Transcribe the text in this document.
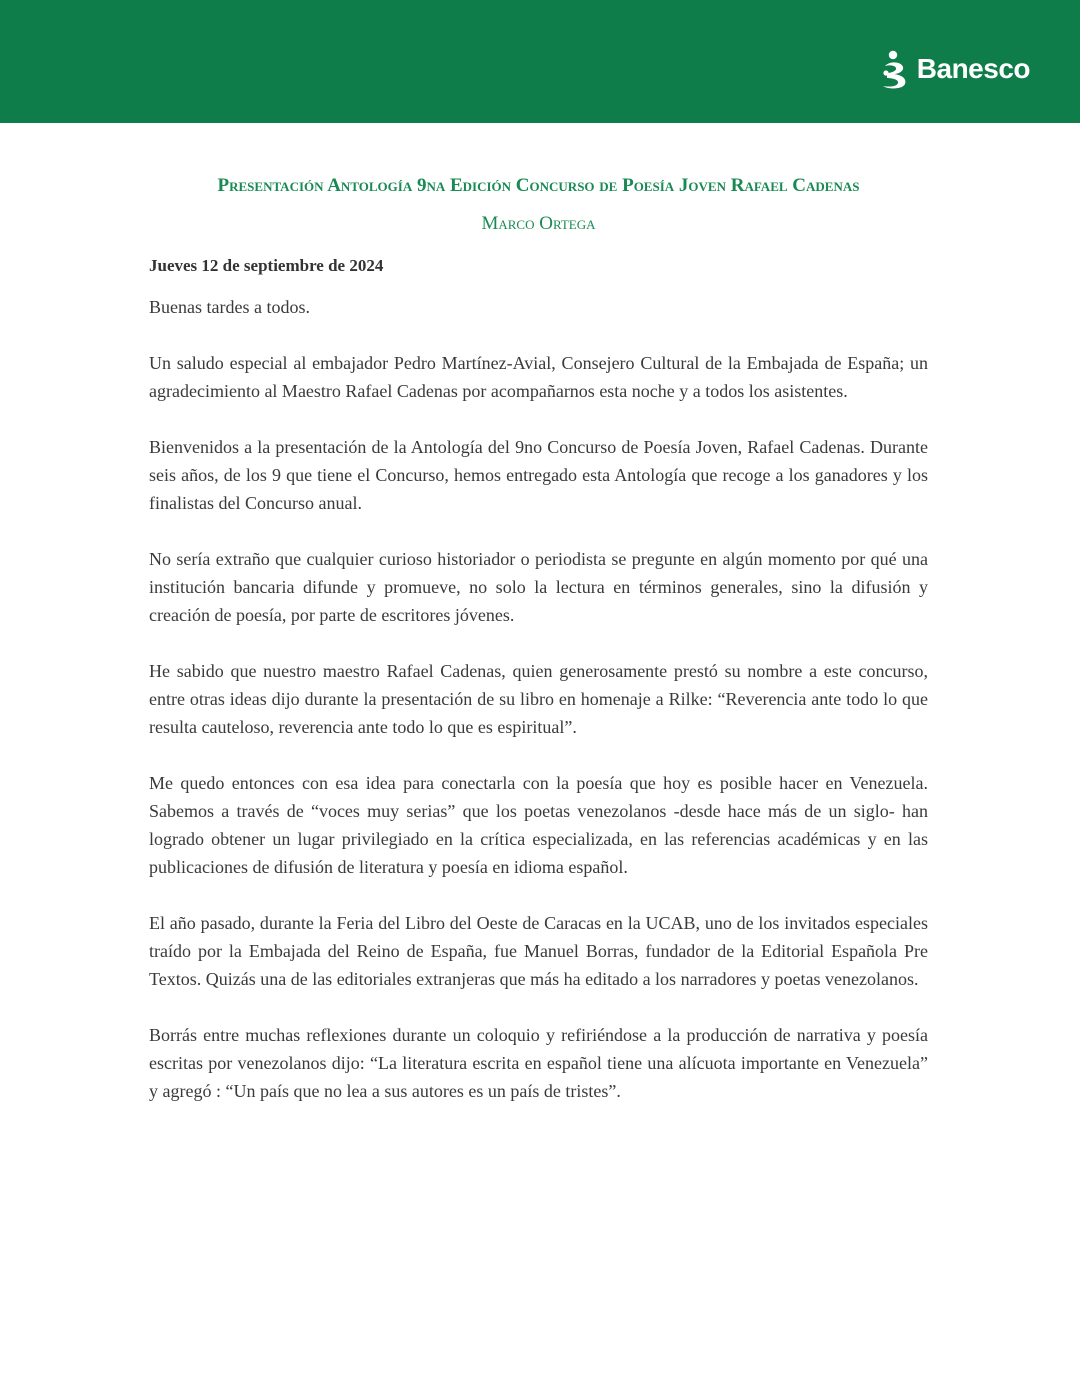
Banesco
Presentación Antología 9na Edición Concurso de Poesía Joven Rafael Cadenas
Marco Ortega
Jueves 12 de septiembre de 2024

Buenas tardes a todos.

Un saludo especial al embajador Pedro Martínez-Avial, Consejero Cultural de la Embajada de España; un agradecimiento al Maestro Rafael Cadenas por acompañarnos esta noche y a todos los asistentes.

Bienvenidos a la presentación de la Antología del 9no Concurso de Poesía Joven, Rafael Cadenas. Durante seis años, de los 9 que tiene el Concurso, hemos entregado esta Antología que recoge a los ganadores y los finalistas del Concurso anual.

No sería extraño que cualquier curioso historiador o periodista se pregunte en algún momento por qué una institución bancaria difunde y promueve, no solo la lectura en términos generales, sino la difusión y creación de poesía, por parte de escritores jóvenes.

He sabido que nuestro maestro Rafael Cadenas, quien generosamente prestó su nombre a este concurso, entre otras ideas dijo durante la presentación de su libro en homenaje a Rilke: “Reverencia ante todo lo que resulta cauteloso, reverencia ante todo lo que es espiritual”.

Me quedo entonces con esa idea para conectarla con la poesía que hoy es posible hacer en Venezuela. Sabemos a través de “voces muy serias” que los poetas venezolanos -desde hace más de un siglo- han logrado obtener un lugar privilegiado en la crítica especializada, en las referencias académicas y en las publicaciones de difusión de literatura y poesía en idioma español.

El año pasado, durante la Feria del Libro del Oeste de Caracas en la UCAB, uno de los invitados especiales traído por la Embajada del Reino de España, fue Manuel Borras, fundador de la Editorial Española Pre Textos. Quizás una de las editoriales extranjeras que más ha editado a los narradores y poetas venezolanos.

Borrás entre muchas reflexiones durante un coloquio y refiriéndose a la producción de narrativa y poesía escritas por venezolanos dijo: “La literatura escrita en español tiene una alícuota importante en Venezuela” y agregó : “Un país que no lea a sus autores es un país de tristes”.
